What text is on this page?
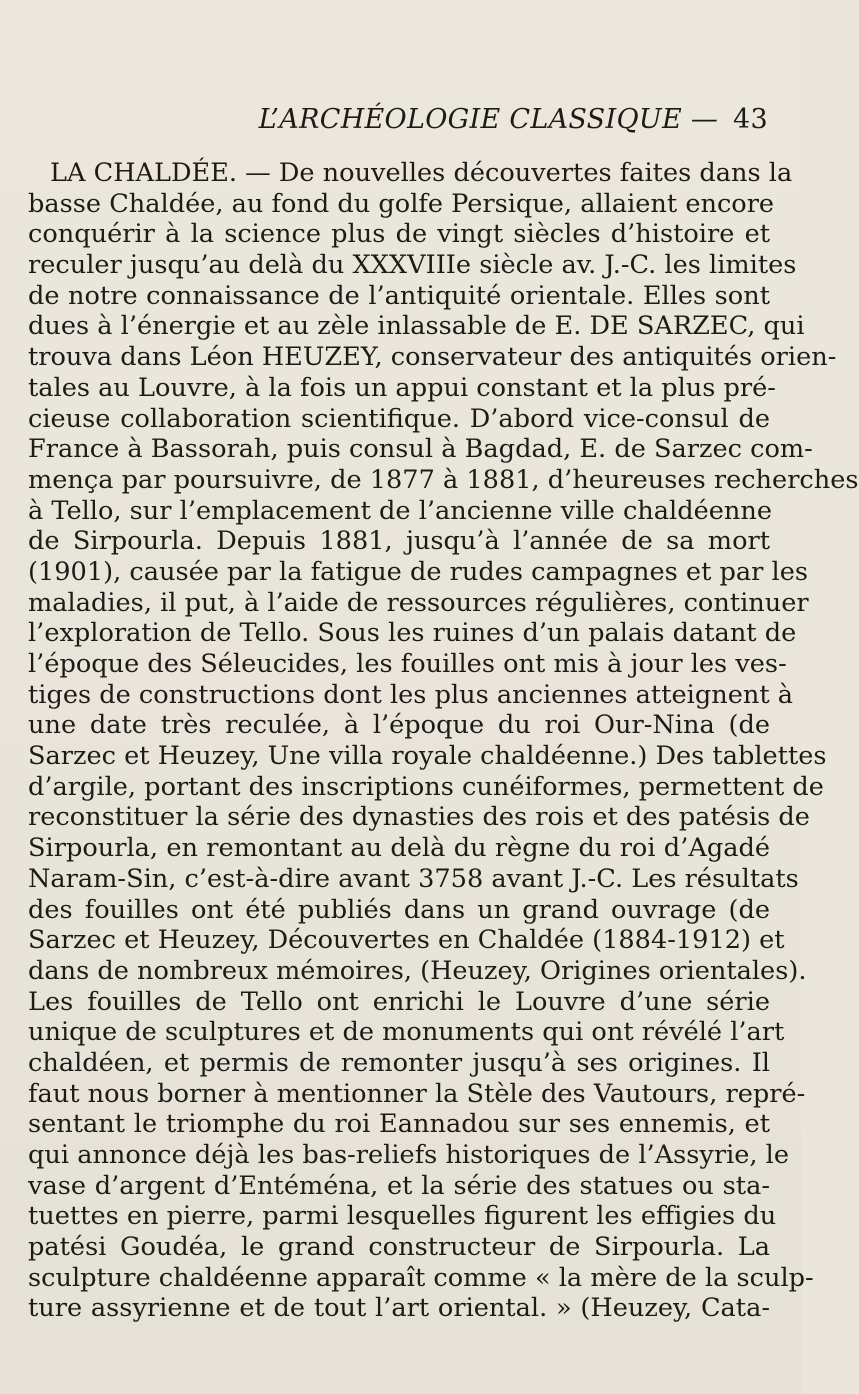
L’ARCHÉOLOGIE CLASSIQUE — 43
LA CHALDÉE. — De nouvelles découvertes faites dans la
basse Chaldée, au fond du golfe Persique, allaient encore
conquérir à la science plus de vingt siècles d’histoire et
reculer jusqu’au delà du XXXVIIIe siècle av. J.-C. les limites
de notre connaissance de l’antiquité orientale. Elles sont
dues à l’énergie et au zèle inlassable de E. DE SARZEC, qui
trouva dans Léon HEUZEY, conservateur des antiquités orien-
tales au Louvre, à la fois un appui constant et la plus pré-
cieuse collaboration scientifique. D’abord vice-consul de
France à Bassorah, puis consul à Bagdad, E. de Sarzec com-
mença par poursuivre, de 1877 à 1881, d’heureuses recherches
à Tello, sur l’emplacement de l’ancienne ville chaldéenne
de Sirpourla. Depuis 1881, jusqu’à l’année de sa mort
(1901), causée par la fatigue de rudes campagnes et par les
maladies, il put, à l’aide de ressources régulières, continuer
l’exploration de Tello. Sous les ruines d’un palais datant de
l’époque des Séleucides, les fouilles ont mis à jour les ves-
tiges de constructions dont les plus anciennes atteignent à
une date très reculée, à l’époque du roi Our-Nina (de
Sarzec et Heuzey, Une villa royale chaldéenne.) Des tablettes
d’argile, portant des inscriptions cunéiformes, permettent de
reconstituer la série des dynasties des rois et des patésis de
Sirpourla, en remontant au delà du règne du roi d’Agadé
Naram-Sin, c’est-à-dire avant 3758 avant J.-C. Les résultats
des fouilles ont été publiés dans un grand ouvrage (de
Sarzec et Heuzey, Découvertes en Chaldée (1884-1912) et
dans de nombreux mémoires, (Heuzey, Origines orientales).
Les fouilles de Tello ont enrichi le Louvre d’une série
unique de sculptures et de monuments qui ont révélé l’art
chaldéen, et permis de remonter jusqu’à ses origines. Il
faut nous borner à mentionner la Stèle des Vautours, repré-
sentant le triomphe du roi Eannadou sur ses ennemis, et
qui annonce déjà les bas-reliefs historiques de l’Assyrie, le
vase d’argent d’Entéména, et la série des statues ou sta-
tuettes en pierre, parmi lesquelles figurent les effigies du
patési Goudéa, le grand constructeur de Sirpourla. La
sculpture chaldéenne apparaît comme « la mère de la sculp-
ture assyrienne et de tout l’art oriental. » (Heuzey, Cata-
